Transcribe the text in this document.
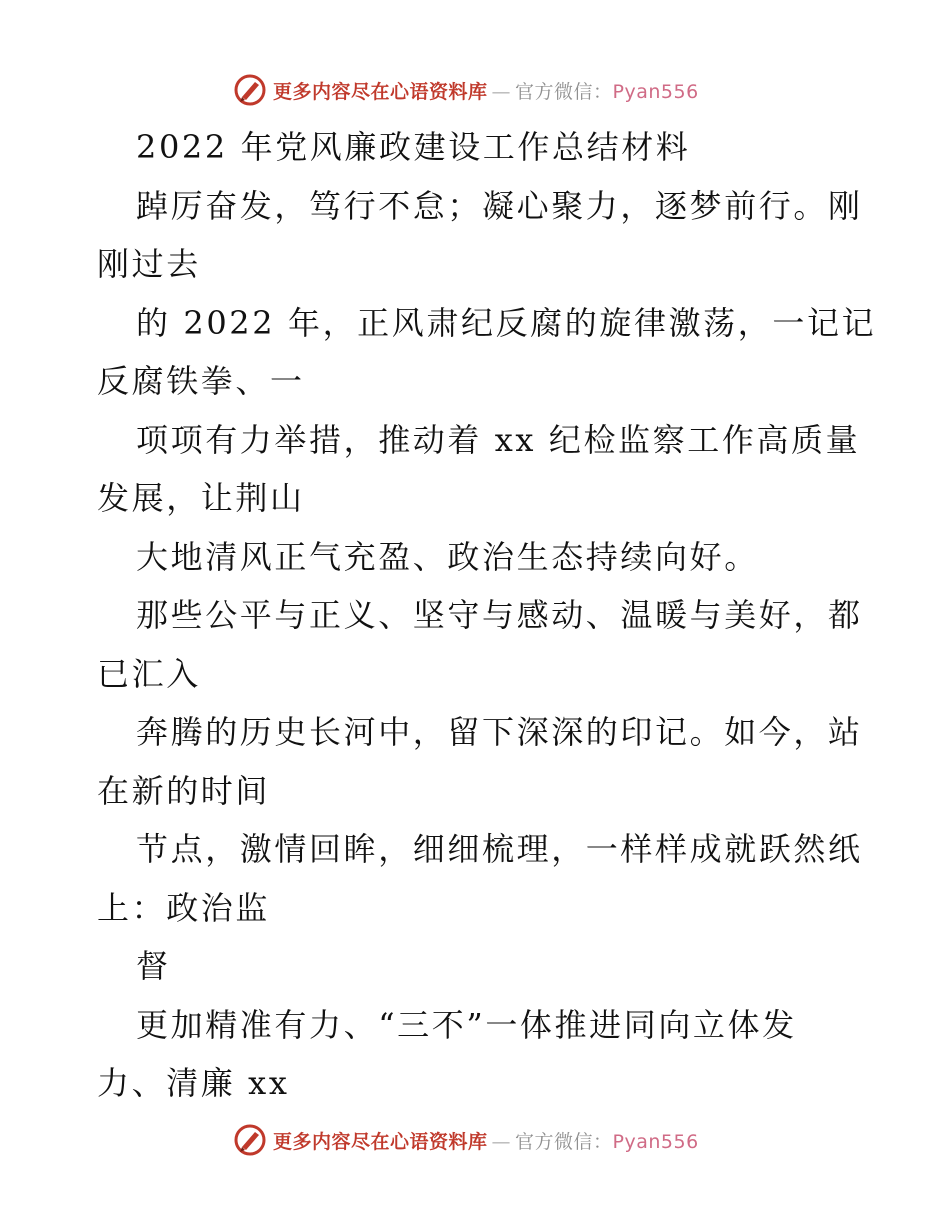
更多内容尽在心语资料库 — 官方微信：Pyan556
2022 年党风廉政建设工作总结材料
踔厉奋发，笃行不怠；凝心聚力，逐梦前行。刚
刚过去
的 2022 年，正风肃纪反腐的旋律激荡，一记记
反腐铁拳、一
项项有力举措，推动着 xx 纪检监察工作高质量
发展，让荆山
大地清风正气充盈、政治生态持续向好。
那些公平与正义、坚守与感动、温暖与美好，都
已汇入
奔腾的历史长河中，留下深深的印记。如今，站
在新的时间
节点，激情回眸，细细梳理，一样样成就跃然纸
上：政治监
督
更加精准有力、“三不”一体推进同向立体发
力、清廉 xx
更多内容尽在心语资料库 — 官方微信：Pyan556
